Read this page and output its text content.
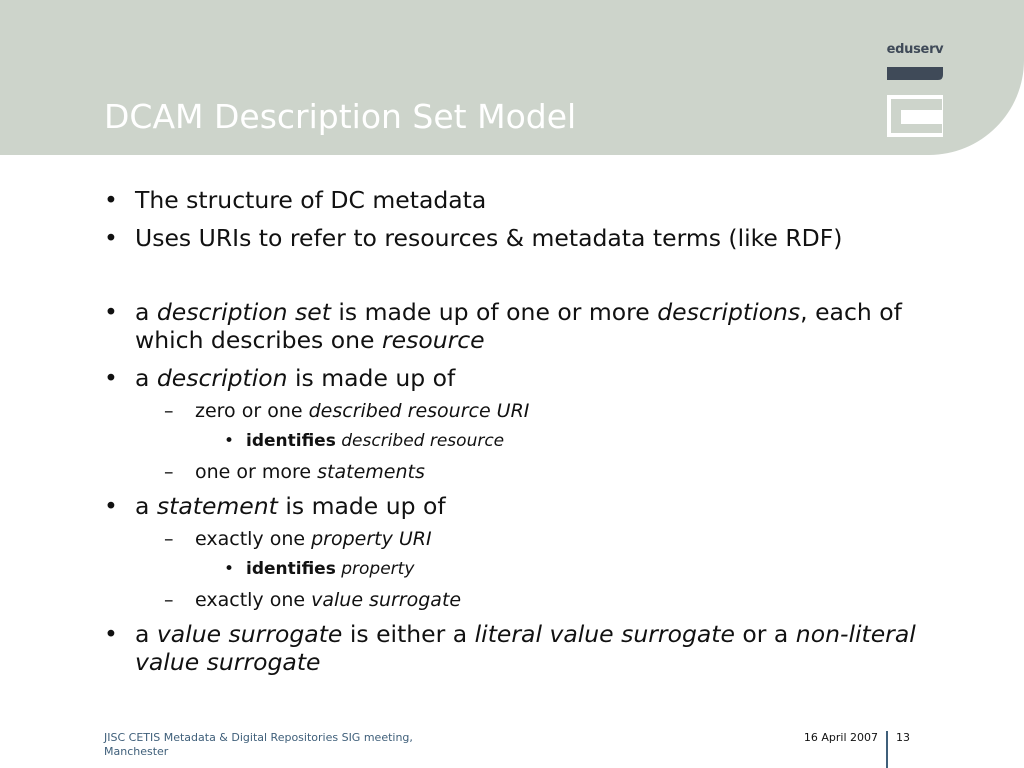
DCAM Description Set Model
eduserv
• The structure of DC metadata
• Uses URIs to refer to resources & metadata terms (like RDF)
• a description set is made up of one or more descriptions, each of which describes one resource
• a description is made up of
– zero or one described resource URI
• identifies described resource
– one or more statements
• a statement is made up of
– exactly one property URI
• identifies property
– exactly one value surrogate
• a value surrogate is either a literal value surrogate or a non-literal value surrogate
JISC CETIS Metadata & Digital Repositories SIG meeting, Manchester
16 April 2007 13
